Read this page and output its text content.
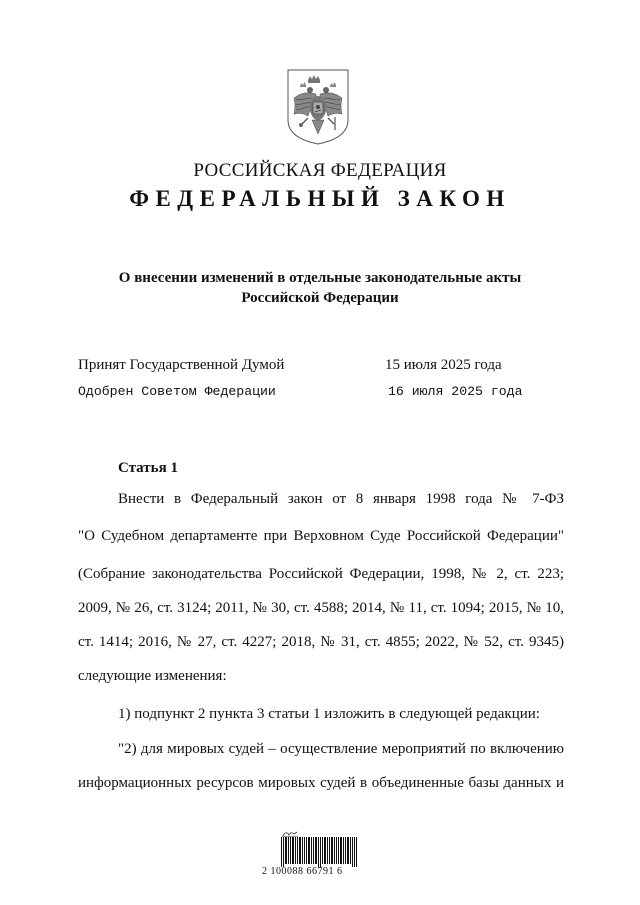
РОССИЙСКАЯ ФЕДЕРАЦИЯ
ФЕДЕРАЛЬНЫЙ ЗАКОН
О внесении изменений в отдельные законодательные акты
Российской Федерации
Принят Государственной Думой	15 июля 2025 года
Одобрен Советом Федерации	16 июля 2025 года
Статья 1
Внести в Федеральный закон от 8 января 1998 года № 7-ФЗ
"О Судебном департаменте при Верховном Суде Российской Федерации"
(Собрание законодательства Российской Федерации, 1998, № 2, ст. 223;
2009, № 26, ст. 3124; 2011, № 30, ст. 4588; 2014, № 11, ст. 1094; 2015, № 10,
ст. 1414; 2016, № 27, ст. 4227; 2018, № 31, ст. 4855; 2022, № 52, ст. 9345)
следующие изменения:
1) подпункт 2 пункта 3 статьи 1 изложить в следующей редакции:
"2) для мировых судей – осуществление мероприятий по включению
информационных ресурсов мировых судей в объединенные базы данных и
2 100088 66791 6
